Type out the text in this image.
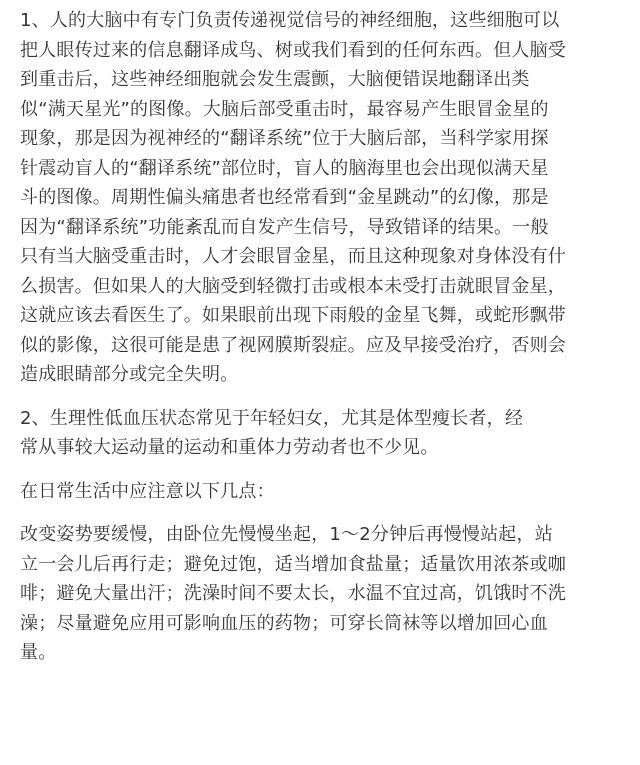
1、人的大脑中有专门负责传递视觉信号的神经细胞，这些细胞可以
把人眼传过来的信息翻译成鸟、树或我们看到的任何东西。但人脑受
到重击后，这些神经细胞就会发生震颤，大脑便错误地翻译出类
似“满天星光”的图像。大脑后部受重击时，最容易产生眼冒金星的
现象，那是因为视神经的“翻译系统”位于大脑后部，当科学家用探
针震动盲人的“翻译系统”部位时，盲人的脑海里也会出现似满天星
斗的图像。周期性偏头痛患者也经常看到“金星跳动”的幻像，那是
因为“翻译系统”功能紊乱而自发产生信号，导致错译的结果。一般
只有当大脑受重击时，人才会眼冒金星，而且这种现象对身体没有什
么损害。但如果人的大脑受到轻微打击或根本未受打击就眼冒金星，
这就应该去看医生了。如果眼前出现下雨般的金星飞舞，或蛇形飘带
似的影像，这很可能是患了视网膜斯裂症。应及早接受治疗，否则会
造成眼睛部分或完全失明。

2、生理性低血压状态常见于年轻妇女，尤其是体型瘦长者，经
常从事较大运动量的运动和重体力劳动者也不少见。

在日常生活中应注意以下几点：

改变姿势要缓慢，由卧位先慢慢坐起，1～2分钟后再慢慢站起，站
立一会儿后再行走；避免过饱，适当增加食盐量；适量饮用浓茶或咖
啡；避免大量出汗；洗澡时间不要太长，水温不宜过高，饥饿时不洗
澡；尽量避免应用可影响血压的药物；可穿长筒袜等以增加回心血
量。
